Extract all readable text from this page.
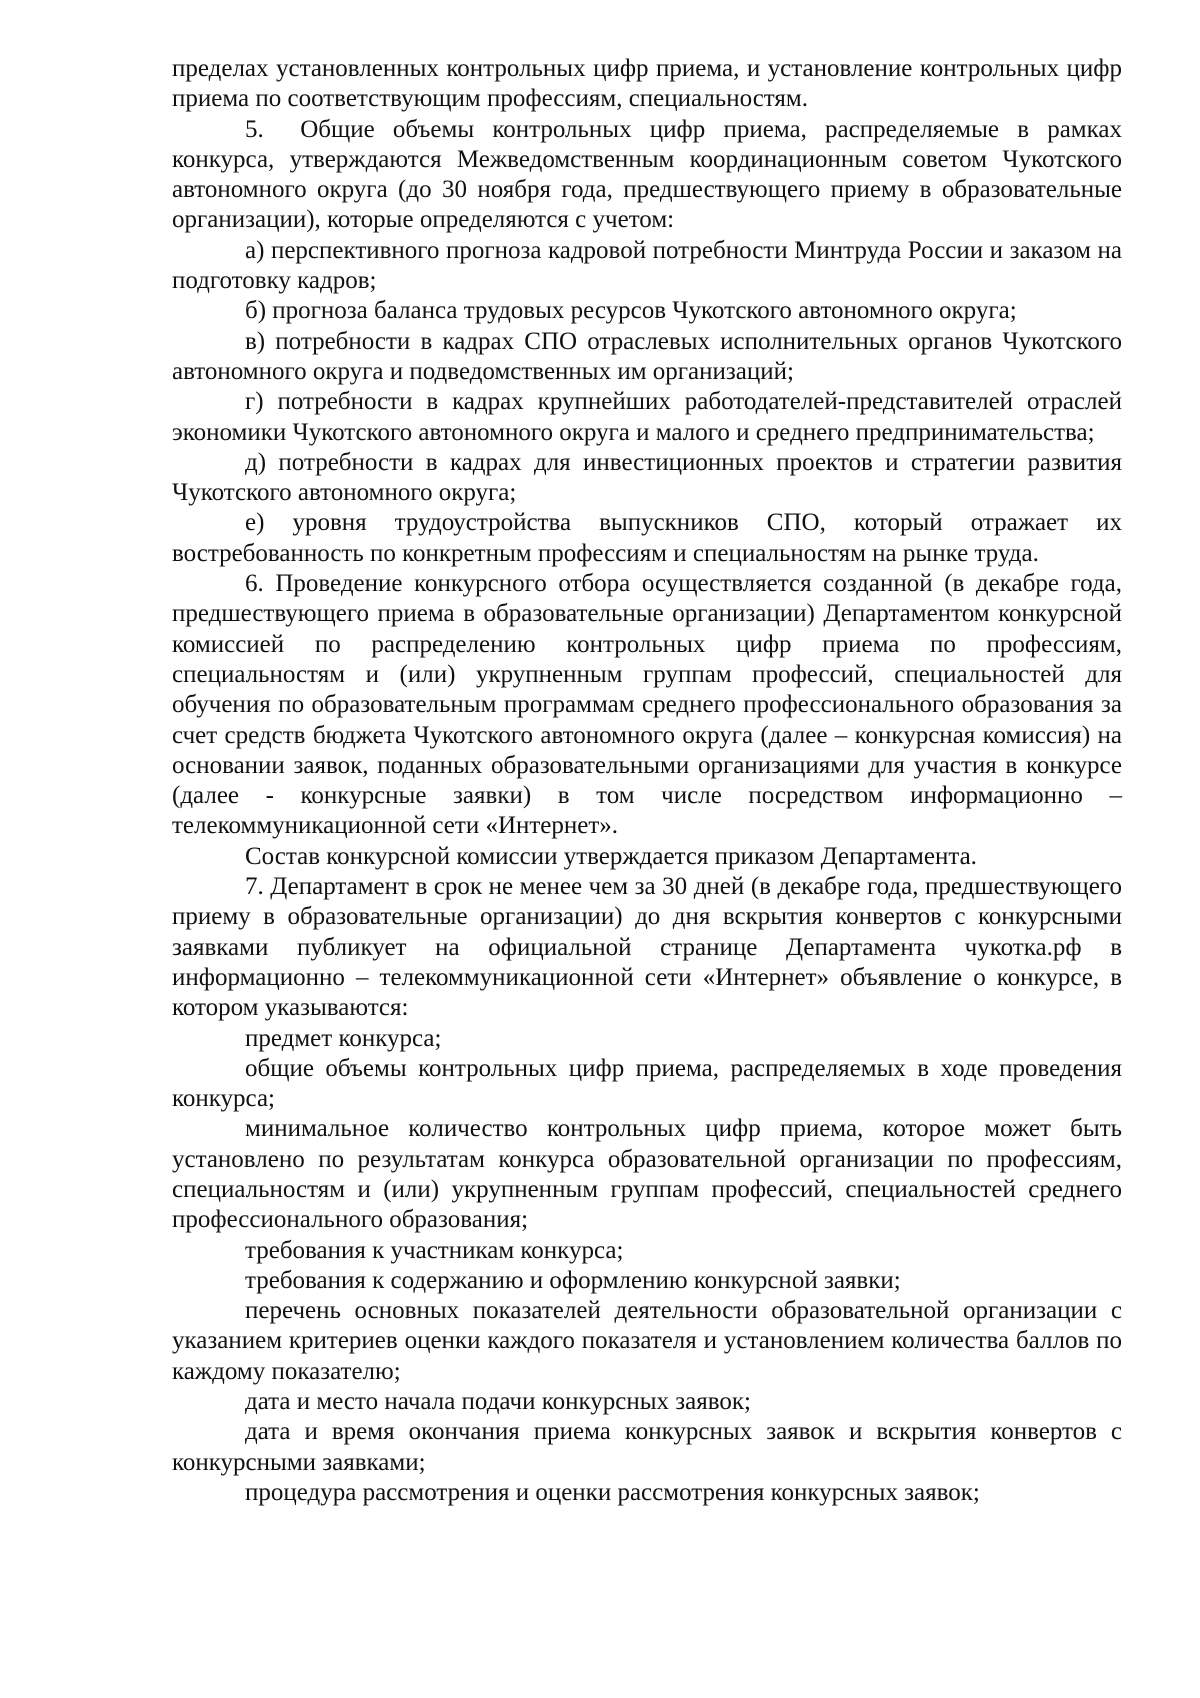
пределах установленных контрольных цифр приема, и установление контрольных цифр приема по соответствующим профессиям, специальностям.

5.  Общие объемы контрольных цифр приема, распределяемые в рамках конкурса, утверждаются Межведомственным координационным советом Чукотского автономного округа (до 30 ноября года, предшествующего приему в образовательные организации), которые определяются с учетом:

а) перспективного прогноза кадровой потребности Минтруда России и заказом на подготовку кадров;

б) прогноза баланса трудовых ресурсов Чукотского автономного округа;

в) потребности в кадрах СПО отраслевых исполнительных органов Чукотского автономного округа и подведомственных им организаций;

г) потребности в кадрах крупнейших работодателей-представителей отраслей экономики Чукотского автономного округа и малого и среднего предпринимательства;

д) потребности в кадрах для инвестиционных проектов и стратегии развития Чукотского автономного округа;

е) уровня трудоустройства выпускников СПО, который отражает их востребованность по конкретным профессиям и специальностям на рынке труда.

6. Проведение конкурсного отбора осуществляется созданной (в декабре года, предшествующего приема в образовательные организации) Департаментом конкурсной комиссией по распределению контрольных цифр приема по профессиям, специальностям и (или) укрупненным группам профессий, специальностей для обучения по образовательным программам среднего профессионального образования за счет средств бюджета Чукотского автономного округа (далее – конкурсная комиссия) на основании заявок, поданных образовательными организациями для участия в конкурсе (далее - конкурсные заявки) в том числе посредством информационно – телекоммуникационной сети «Интернет».

Состав конкурсной комиссии утверждается приказом Департамента.

7. Департамент в срок не менее чем за 30 дней (в декабре года, предшествующего приему в образовательные организации) до дня вскрытия конвертов с конкурсными заявками публикует на официальной странице Департамента чукотка.рф в информационно – телекоммуникационной сети «Интернет» объявление о конкурсе, в котором указываются:

предмет конкурса;

общие объемы контрольных цифр приема, распределяемых в ходе проведения конкурса;

минимальное количество контрольных цифр приема, которое может быть установлено по результатам конкурса образовательной организации по профессиям, специальностям и (или) укрупненным группам профессий, специальностей среднего профессионального образования;

требования к участникам конкурса;

требования к содержанию и оформлению конкурсной заявки;

перечень основных показателей деятельности образовательной организации с указанием критериев оценки каждого показателя и установлением количества баллов по каждому показателю;

дата и место начала подачи конкурсных заявок;

дата и время окончания приема конкурсных заявок и вскрытия конвертов с конкурсными заявками;

процедура рассмотрения и оценки рассмотрения конкурсных заявок;
